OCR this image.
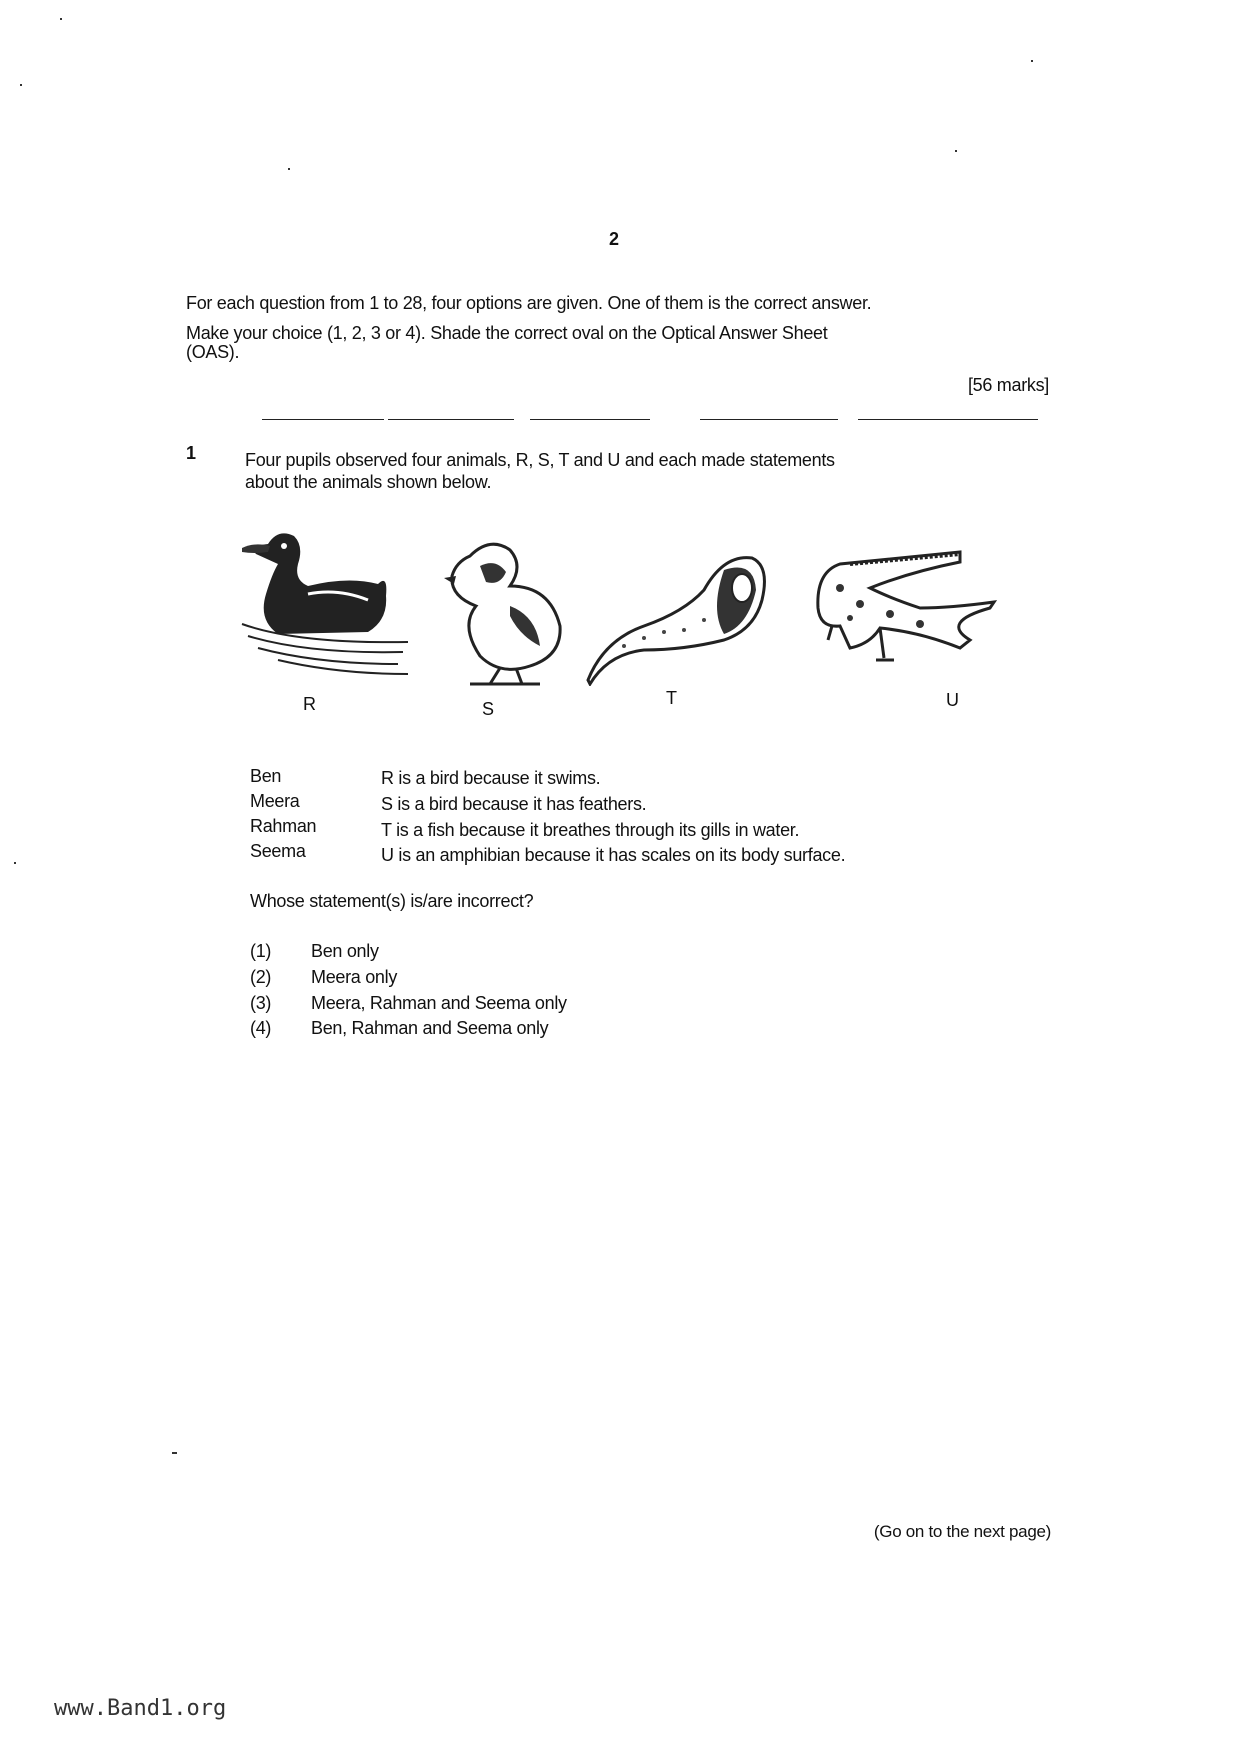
2
For each question from 1 to 28, four options are given. One of them is the correct answer.
Make your choice (1, 2, 3 or 4). Shade the correct oval on the Optical Answer Sheet
(OAS).
[56 marks]
1	Four pupils observed four animals, R, S, T and U and each made statements
about the animals shown below.
R	S
T	U
Ben	R is a bird because it swims.
Meera	S is a bird because it has feathers.
Rahman	T is a fish because it breathes through its gills in water.
Seema	U is an amphibian because it has scales on its body surface.
Whose statement(s) is/are incorrect?
(1) Ben only
(2) Meera only
(3) Meera, Rahman and Seema only
(4) Ben, Rahman and Seema only
(Go on to the next page)
www.Band1.org
